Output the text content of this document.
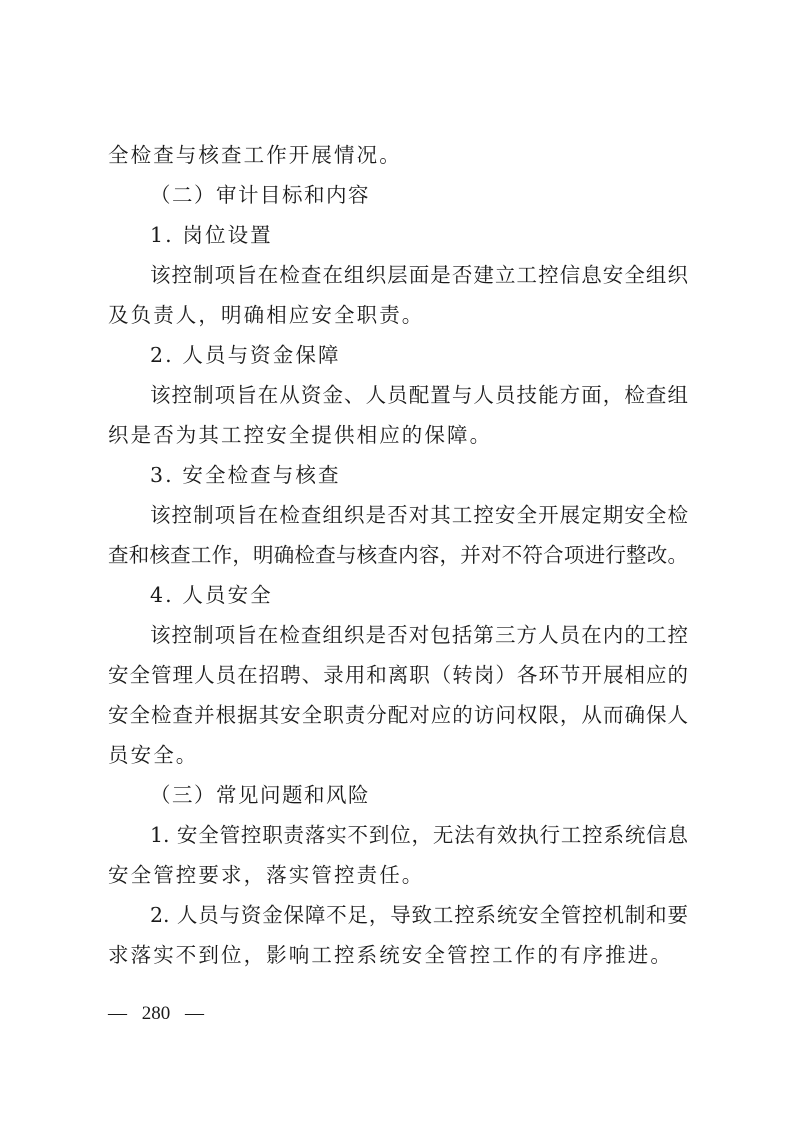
全检查与核查工作开展情况。
（二）审计目标和内容
1. 岗位设置
该控制项旨在检查在组织层面是否建立工控信息安全组织
及负责人，明确相应安全职责。
2. 人员与资金保障
该控制项旨在从资金、人员配置与人员技能方面，检查组
织是否为其工控安全提供相应的保障。
3. 安全检查与核查
该控制项旨在检查组织是否对其工控安全开展定期安全检
查和核查工作，明确检查与核查内容，并对不符合项进行整改。
4. 人员安全
该控制项旨在检查组织是否对包括第三方人员在内的工控
安全管理人员在招聘、录用和离职（转岗）各环节开展相应的
安全检查并根据其安全职责分配对应的访问权限，从而确保人
员安全。
（三）常见问题和风险
1. 安全管控职责落实不到位，无法有效执行工控系统信息
安全管控要求，落实管控责任。
2. 人员与资金保障不足，导致工控系统安全管控机制和要
求落实不到位，影响工控系统安全管控工作的有序推进。
— 280 —
